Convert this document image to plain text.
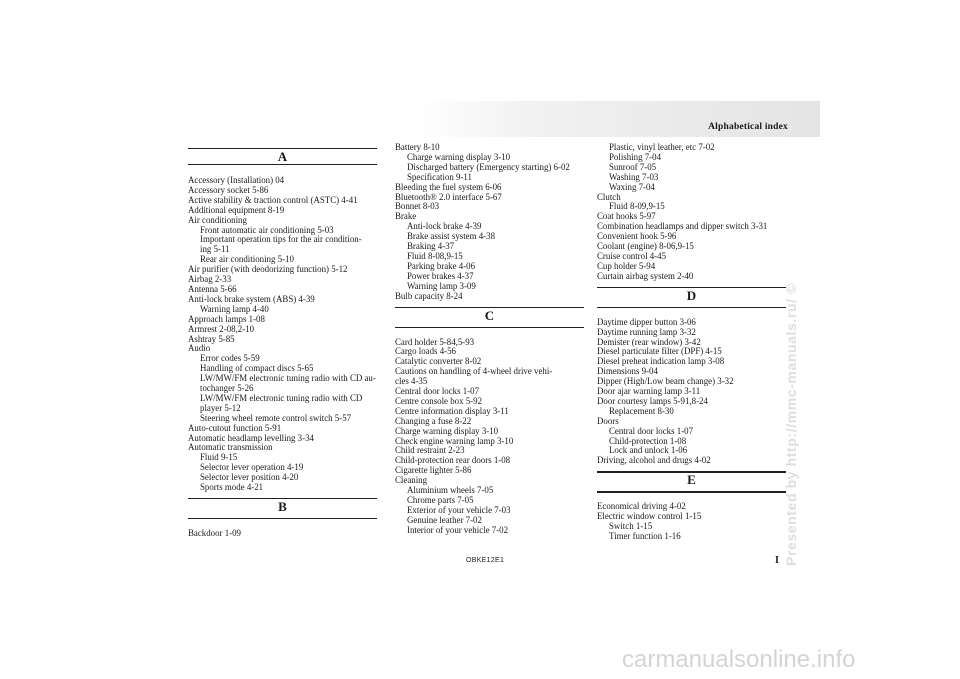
Alphabetical index
A
Accessory (Installation) 04
Accessory socket 5-86
Active stability & traction control (ASTC) 4-41
Additional equipment 8-19
Air conditioning
Front automatic air conditioning 5-03
Important operation tips for the air condition-
ing 5-11
Rear air conditioning 5-10
Air purifier (with deodorizing function) 5-12
Airbag 2-33
Antenna 5-66
Anti-lock brake system (ABS) 4-39
Warning lamp 4-40
Approach lamps 1-08
Armrest 2-08,2-10
Ashtray 5-85
Audio
Error codes 5-59
Handling of compact discs 5-65
LW/MW/FM electronic tuning radio with CD au-
tochanger 5-26
LW/MW/FM electronic tuning radio with CD
player 5-12
Steering wheel remote control switch 5-57
Auto-cutout function 5-91
Automatic headlamp levelling 3-34
Automatic transmission
Fluid 9-15
Selector lever operation 4-19
Selector lever position 4-20
Sports mode 4-21
B
Backdoor 1-09
Battery 8-10
Charge warning display 3-10
Discharged battery (Emergency starting) 6-02
Specification 9-11
Bleeding the fuel system 6-06
Bluetooth® 2.0 interface 5-67
Bonnet 8-03
Brake
Anti-lock brake 4-39
Brake assist system 4-38
Braking 4-37
Fluid 8-08,9-15
Parking brake 4-06
Power brakes 4-37
Warning lamp 3-09
Bulb capacity 8-24
C
Card holder 5-84,5-93
Cargo loads 4-56
Catalytic converter 8-02
Cautions on handling of 4-wheel drive vehi-
cles 4-35
Central door locks 1-07
Centre console box 5-92
Centre information display 3-11
Changing a fuse 8-22
Charge warning display 3-10
Check engine warning lamp 3-10
Child restraint 2-23
Child-protection rear doors 1-08
Cigarette lighter 5-86
Cleaning
Aluminium wheels 7-05
Chrome parts 7-05
Exterior of your vehicle 7-03
Genuine leather 7-02
Interior of your vehicle 7-02
Plastic, vinyl leather, etc 7-02
Polishing 7-04
Sunroof 7-05
Washing 7-03
Waxing 7-04
Clutch
Fluid 8-09,9-15
Coat hooks 5-97
Combination headlamps and dipper switch 3-31
Convenient hook 5-96
Coolant (engine) 8-06,9-15
Cruise control 4-45
Cup holder 5-94
Curtain airbag system 2-40
D
Daytime dipper button 3-06
Daytime running lamp 3-32
Demister (rear window) 3-42
Diesel particulate filter (DPF) 4-15
Diesel preheat indication lamp 3-08
Dimensions 9-04
Dipper (High/Low beam change) 3-32
Door ajar warning lamp 3-11
Door courtesy lamps 5-91,8-24
Replacement 8-30
Doors
Central door locks 1-07
Child-protection 1-08
Lock and unlock 1-06
Driving, alcohol and drugs 4-02
E
Economical driving 4-02
Electric window control 1-15
Switch 1-15
Timer function 1-16
OBKE12E1	I Presented by http://mmc-manuals.ru/ ©
carmanualsonline.info
